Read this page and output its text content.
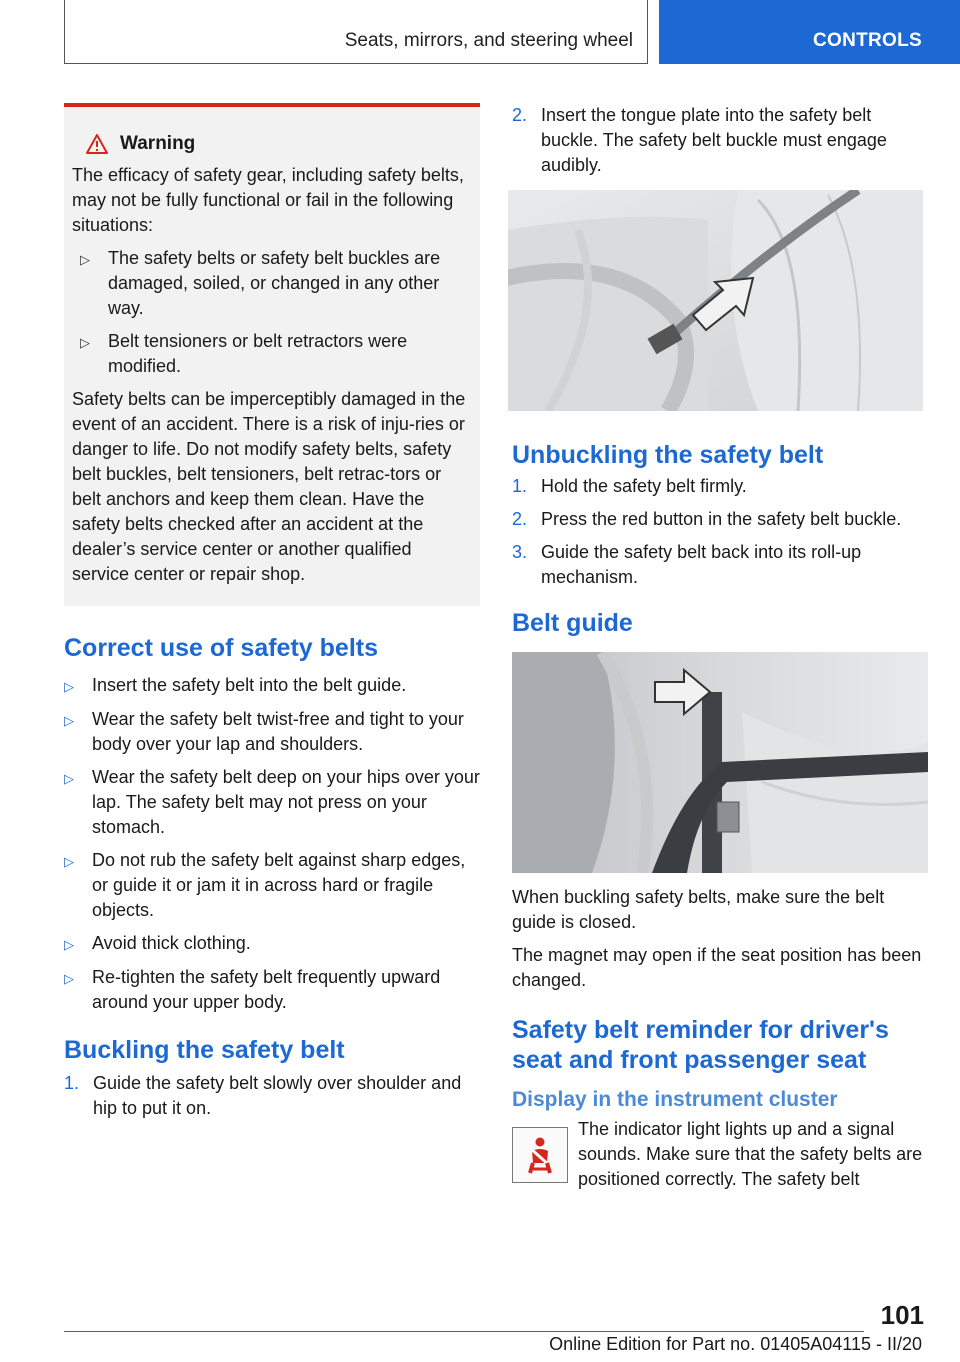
Seats, mirrors, and steering wheel	CONTROLS
Warning

The efficacy of safety gear, including safety belts, may not be fully functional or fail in the following situations:

▷	The safety belts or safety belt buckles are damaged, soiled, or changed in any other way.
▷	Belt tensioners or belt retractors were modified.

Safety belts can be imperceptibly damaged in the event of an accident. There is a risk of inju-ries or danger to life. Do not modify safety belts, safety belt buckles, belt tensioners, belt retrac-tors or belt anchors and keep them clean. Have the safety belts checked after an accident at the dealer’s service center or another qualified service center or repair shop.

Correct use of safety belts
▷	Insert the safety belt into the belt guide.
▷	Wear the safety belt twist-free and tight to your body over your lap and shoulders.
▷	Wear the safety belt deep on your hips over your lap. The safety belt may not press on your stomach.
▷	Do not rub the safety belt against sharp edges, or guide it or jam it in across hard or fragile objects.
▷	Avoid thick clothing.
▷	Re-tighten the safety belt frequently upward around your upper body.
Buckling the safety belt
1. Guide the safety belt slowly over shoulder and hip to put it on.
2. Insert the tongue plate into the safety belt buckle. The safety belt buckle must engage audibly.
Unbuckling the safety belt
1. Hold the safety belt firmly.
2. Press the red button in the safety belt buckle.
3. Guide the safety belt back into its roll-up mechanism.
Belt guide

When buckling safety belts, make sure the belt guide is closed.

The magnet may open if the seat position has been changed.

Safety belt reminder for driver's seat and front passenger seat
Display in the instrument cluster

The indicator light lights up and a signal sounds. Make sure that the safety belts are positioned correctly. The safety belt

101
Online Edition for Part no. 01405A04115 - II/20
